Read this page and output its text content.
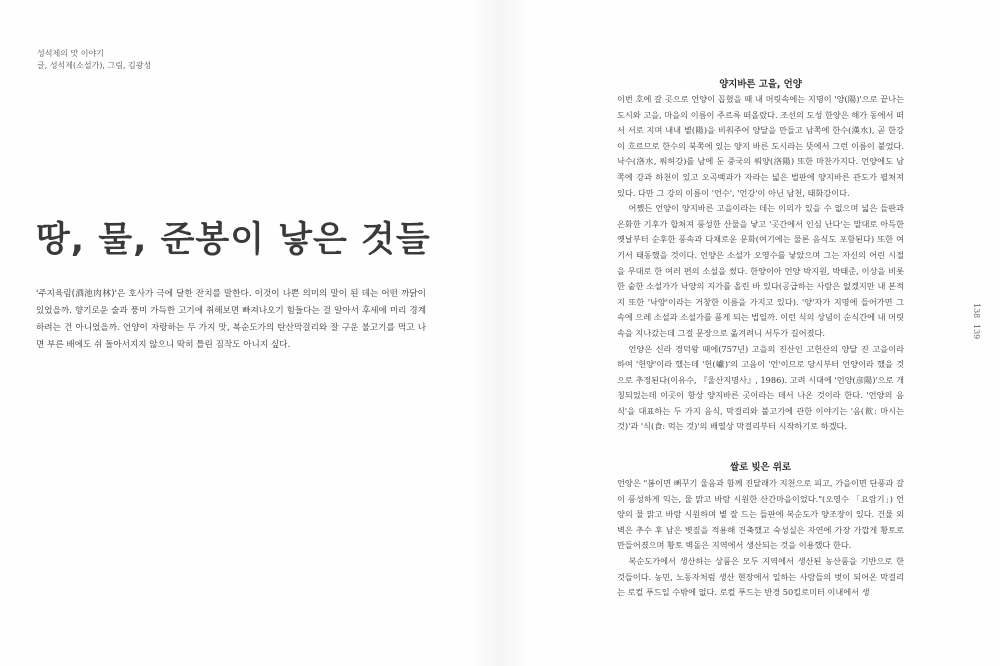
성석제의 맛 이야기
글, 성석제(소설가), 그림, 김광성
땅, 물, 준봉이 낳은 것들

'주지육림(酒池肉林)'은 호사가 극에 달한 잔치를 말한다. 이것이 나쁜 의미의 말이 된 데는 어떤 까닭이 있었을까. 향기로운 술과 풍미 가득한 고기에 취해보면 빠져나오기 힘들다는 걸 알아서 후세에 미리 경계하려는 건 아니었을까. 언양이 자랑하는 두 가지 맛, 복순도가의 탄산막걸리와 잘 구운 불고기를 먹고 나면 부른 배에도 쉬 돌아서지지 않으니 딱히 틀린 짐작도 아니지 싶다.

양지바른 고을, 언양

이번 호에 갈 곳으로 언양이 꼽혔을 때 내 머릿속에는 지명이 '양(陽)'으로 끝나는 도시와 고을, 마을의 이름이 주르륵 떠올랐다. 조선의 도성 한양은 해가 동에서 떠서 서로 지며 내내 볕(陽)을 비춰주어 양달을 만들고 남쪽에 한수(漢水), 곧 한강이 흐르므로 한수의 북쪽에 있는 양지 바른 도시라는 뜻에서 그런 이름이 붙었다. 낙수(洛水, 뤄허강)를 남에 둔 중국의 뤄양(洛陽) 또한 마찬가지다. 언양에도 남쪽에 강과 하천이 있고 오곡백과가 자라는 넓은 벌판에 양지바른 관도가 펼쳐져 있다. 다만 그 강의 이름이 '언수', '언강'이 아닌 남천, 태화강이다.

어쨌든 언양이 양지바른 고을이라는 데는 이의가 있을 수 없으며 넓은 들판과 온화한 기후가 합쳐져 풍성한 산물을 낳고 '곳간에서 인심 난다'는 말대로 아득한 옛날부터 순후한 풍속과 다채로운 문화(여기에는 물론 음식도 포함된다) 또한 여기서 태동했을 것이다. 언양은 소설가 오영수를 낳았으며 그는 자신의 어린 시절을 무대로 한 여러 편의 소설을 썼다. 한양이아 언양 박지원, 박태준, 이상을 비롯한 숱한 소설가가 낙양의 지가를 올린 바 있다(공급하는 사람은 없겠지만 내 본적지 또한 '낙양'이라는 거창한 이름을 가지고 있다). '양'자가 지명에 들어가면 그 속에 으레 소설과 소설가를 품게 되는 법일까. 이런 식의 상념이 순식간에 내 머릿속을 지나갔는데 그걸 문장으로 옮겨려니 서두가 길어졌다.

언양은 신라 경덕왕 때에(757년) 고을의 진산인 고헌산의 양달 진 고을이라 하여 '헌양'이라 했는데 '헌(巘)'의 고음이 '언'이므로 당시부터 언양이라 했을 것으로 추정된다(이유수, 『울산지명사』, 1986). 고려 시대에 '언양(彦陽)'으로 개칭되었는데 이곳이 항상 양지바른 곳이라는 데서 나온 것이라 한다. '언양의 음식'을 대표하는 두 가지 음식, 막걸리와 불고기에 관한 이야기는 '음(飮: 마시는 것)'과 '식(食: 먹는 것)'의 배열상 막걸리부터 시작하기로 하겠다.

쌀로 빚은 위로

언양은 "봄이면 뻐꾸기 울음과 함께 진달래가 지천으로 피고, 가을이면 단풍과 갈이 풍성하게 익는, 물 맑고 바람 시원한 산간마을이었다."(오영수 「요람기」) 언양의 물 맑고 바람 시원하며 볕 잘 드는 들판에 복순도가 양조장이 있다. 건물 외벽은 추수 후 남은 볏짚을 적용해 건축했고 숙성실은 자연에 가장 가깝게 황토로 만들어졌으며 황토 벽돌은 지역에서 생산되는 것을 이용했다 한다.

복순도가에서 생산하는 상품은 모두 지역에서 생산된 농산품을 기반으로 한 것들이다. 농민, 노동자처럼 생산 현장에서 일하는 사람들의 벗이 되어온 막걸리는 로컬 푸드일 수밖에 없다. 로컬 푸드는 반경 50킬로미터 이내에서 생

138
139
